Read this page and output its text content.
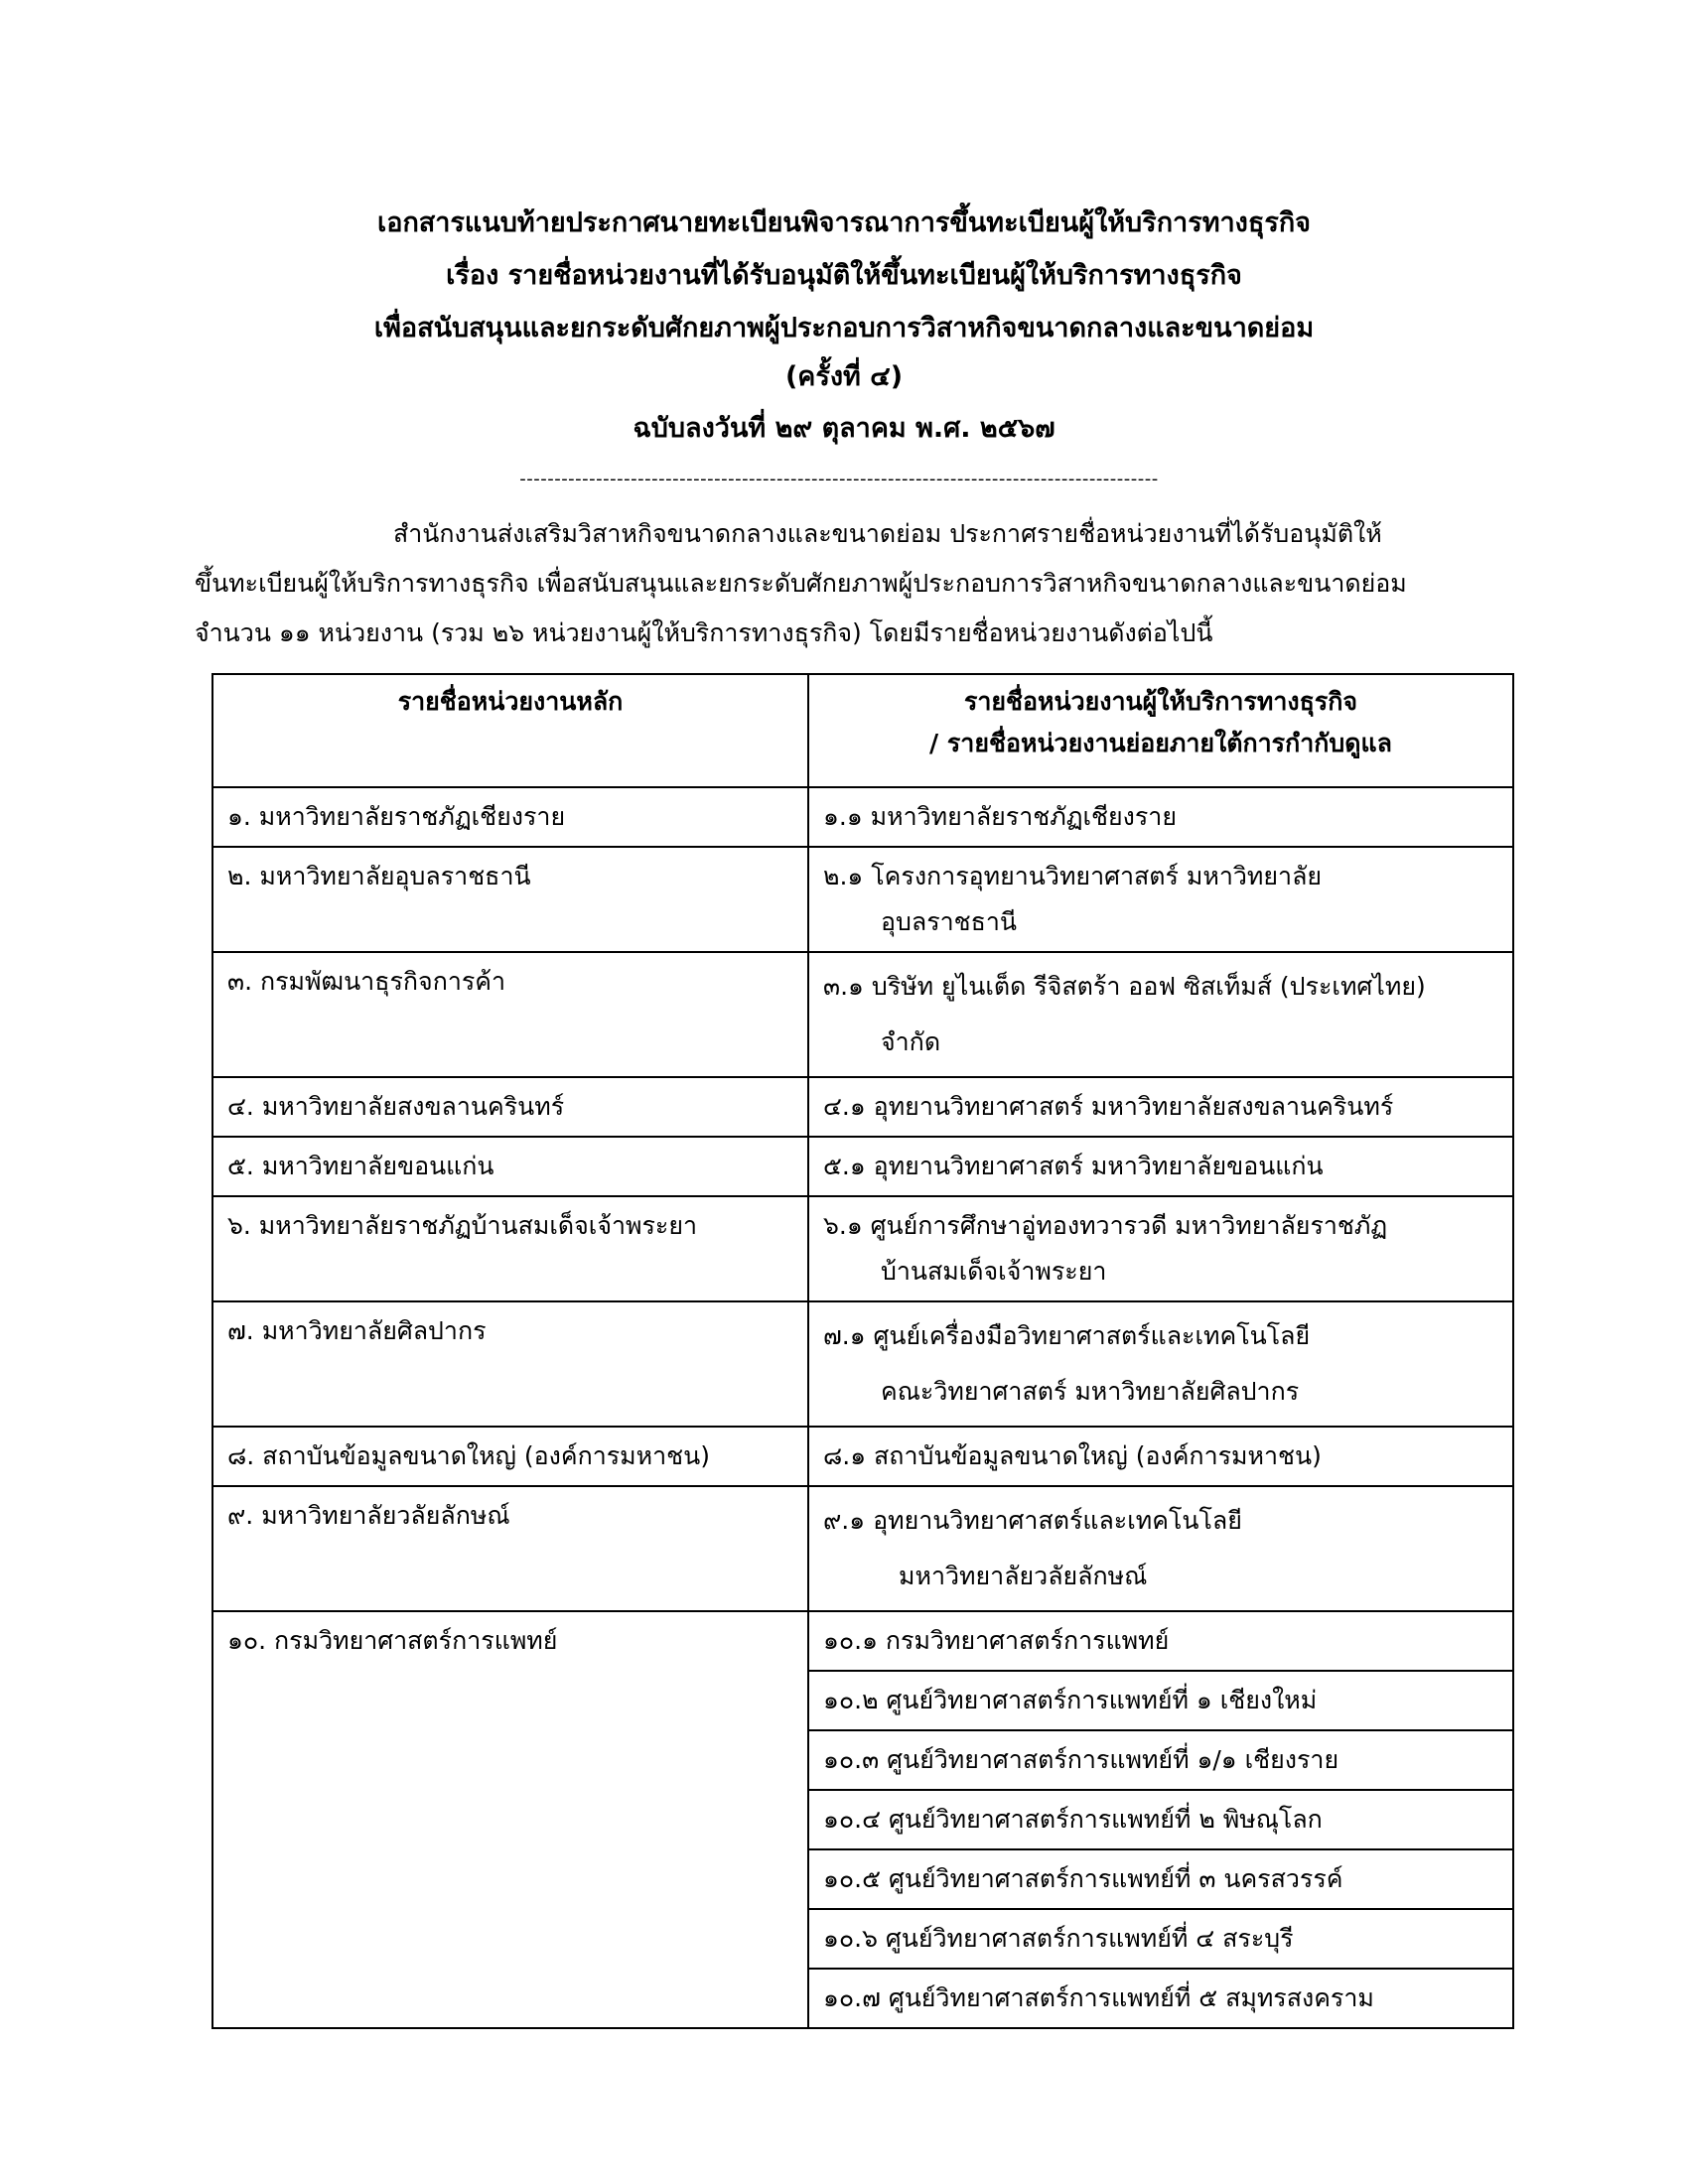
เอกสารแนบท้ายประกาศนายทะเบียนพิจารณาการขึ้นทะเบียนผู้ให้บริการทางธุรกิจ
เรื่อง รายชื่อหน่วยงานที่ได้รับอนุมัติให้ขึ้นทะเบียนผู้ให้บริการทางธุรกิจ
เพื่อสนับสนุนและยกระดับศักยภาพผู้ประกอบการวิสาหกิจขนาดกลางและขนาดย่อม
(ครั้งที่ ๔)
ฉบับลงวันที่ ๒๙ ตุลาคม พ.ศ. ๒๕๖๗
--------------------------------------------------------------------------------------------
สำนักงานส่งเสริมวิสาหกิจขนาดกลางและขนาดย่อม ประกาศรายชื่อหน่วยงานที่ได้รับอนุมัติให้
ขึ้นทะเบียนผู้ให้บริการทางธุรกิจ เพื่อสนับสนุนและยกระดับศักยภาพผู้ประกอบการวิสาหกิจขนาดกลางและขนาดย่อม
จำนวน ๑๑ หน่วยงาน (รวม ๒๖ หน่วยงานผู้ให้บริการทางธุรกิจ) โดยมีรายชื่อหน่วยงานดังต่อไปนี้
รายชื่อหน่วยงานหลัก	รายชื่อหน่วยงานผู้ให้บริการทางธุรกิจ
/ รายชื่อหน่วยงานย่อยภายใต้การกำกับดูแล

๑. มหาวิทยาลัยราชภัฏเชียงราย	๑.๑ มหาวิทยาลัยราชภัฏเชียงราย
๒. มหาวิทยาลัยอุบลราชธานี	๒.๑ โครงการอุทยานวิทยาศาสตร์ มหาวิทยาลัย
อุบลราชธานี

๓. กรมพัฒนาธุรกิจการค้า	๓.๑ บริษัท ยูไนเต็ด รีจิสตร้า ออฟ ซิสเท็มส์ (ประเทศไทย)
จำกัด

๔. มหาวิทยาลัยสงขลานครินทร์	๔.๑ อุทยานวิทยาศาสตร์ มหาวิทยาลัยสงขลานครินทร์
๕. มหาวิทยาลัยขอนแก่น	๕.๑ อุทยานวิทยาศาสตร์ มหาวิทยาลัยขอนแก่น
๖. มหาวิทยาลัยราชภัฏบ้านสมเด็จเจ้าพระยา	๖.๑ ศูนย์การศึกษาอู่ทองทวารวดี มหาวิทยาลัยราชภัฏ
บ้านสมเด็จเจ้าพระยา

๗. มหาวิทยาลัยศิลปากร	๗.๑ ศูนย์เครื่องมือวิทยาศาสตร์และเทคโนโลยี
คณะวิทยาศาสตร์ มหาวิทยาลัยศิลปากร

๘. สถาบันข้อมูลขนาดใหญ่ (องค์การมหาชน)	๘.๑ สถาบันข้อมูลขนาดใหญ่ (องค์การมหาชน)
๙. มหาวิทยาลัยวลัยลักษณ์	๙.๑ อุทยานวิทยาศาสตร์และเทคโนโลยี
มหาวิทยาลัยวลัยลักษณ์

๑๐. กรมวิทยาศาสตร์การแพทย์	๑๐.๑ กรมวิทยาศาสตร์การแพทย์
	๑๐.๒ ศูนย์วิทยาศาสตร์การแพทย์ที่ ๑ เชียงใหม่
	๑๐.๓ ศูนย์วิทยาศาสตร์การแพทย์ที่ ๑/๑ เชียงราย
	๑๐.๔ ศูนย์วิทยาศาสตร์การแพทย์ที่ ๒ พิษณุโลก
	๑๐.๕ ศูนย์วิทยาศาสตร์การแพทย์ที่ ๓ นครสวรรค์
	๑๐.๖ ศูนย์วิทยาศาสตร์การแพทย์ที่ ๔ สระบุรี
	๑๐.๗ ศูนย์วิทยาศาสตร์การแพทย์ที่ ๕ สมุทรสงคราม
